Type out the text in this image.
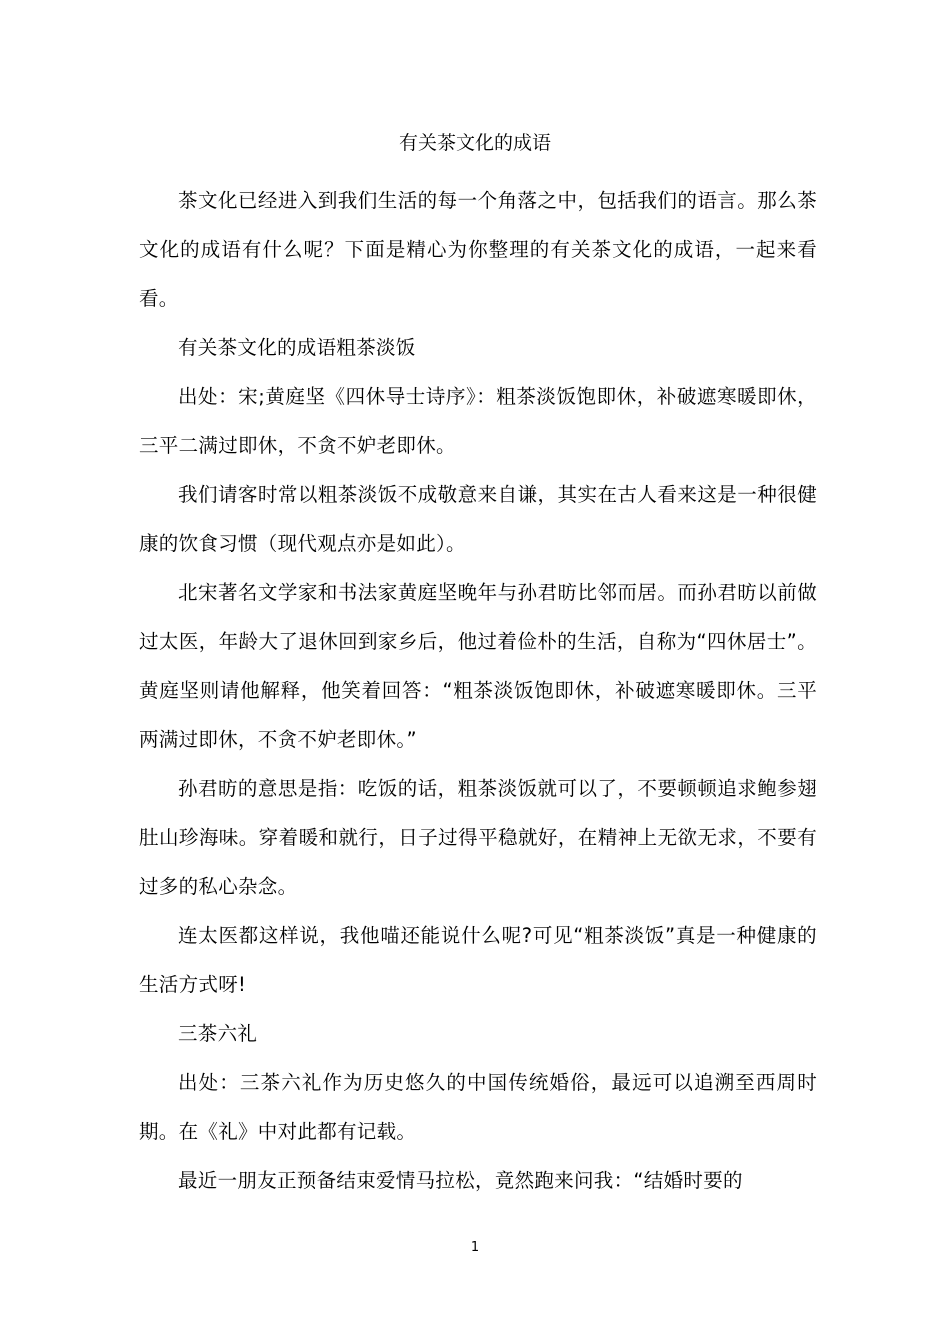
有关茶文化的成语

茶文化已经进入到我们生活的每一个角落之中，包括我们的语言。那么茶文化的成语有什么呢？下面是精心为你整理的有关茶文化的成语，一起来看看。

有关茶文化的成语粗茶淡饭

出处：宋;黄庭坚《四休导士诗序》：粗茶淡饭饱即休，补破遮寒暖即休，三平二满过即休，不贪不妒老即休。

我们请客时常以粗茶淡饭不成敬意来自谦，其实在古人看来这是一种很健康的饮食习惯（现代观点亦是如此）。

北宋著名文学家和书法家黄庭坚晚年与孙君昉比邻而居。而孙君昉以前做过太医，年龄大了退休回到家乡后，他过着俭朴的生活，自称为“四休居士”。黄庭坚则请他解释，他笑着回答：“粗茶淡饭饱即休，补破遮寒暖即休。三平两满过即休，不贪不妒老即休。”

孙君昉的意思是指：吃饭的话，粗茶淡饭就可以了，不要顿顿追求鲍参翅肚山珍海味。穿着暖和就行，日子过得平稳就好，在精神上无欲无求，不要有过多的私心杂念。

连太医都这样说，我他喵还能说什么呢?可见“粗茶淡饭”真是一种健康的生活方式呀!

三茶六礼

出处：三茶六礼作为历史悠久的中国传统婚俗，最远可以追溯至西周时期。在《礼》中对此都有记载。

最近一朋友正预备结束爱情马拉松，竟然跑来问我：“结婚时要的

1
